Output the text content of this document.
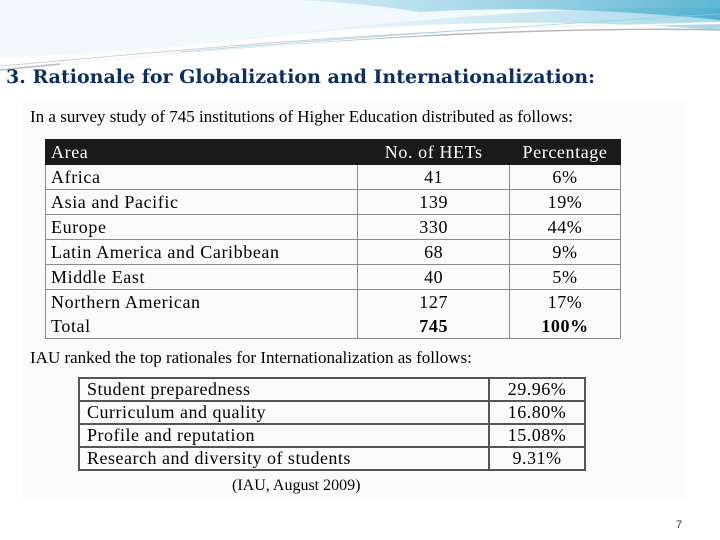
3. Rationale for Globalization and Internationalization:
In a survey study of 745 institutions of Higher Education distributed as follows:
Area	No. of HETs	Percentage
Africa	41	6%
Asia and Pacific	139	19%
Europe	330	44%
Latin America and Caribbean	68	9%
Middle East	40	5%
Northern American	127	17%
Total	745	100%
IAU ranked the top rationales for Internationalization as follows:
Student preparedness	29.96%
Curriculum and quality	16.80%
Profile and reputation	15.08%
Research and diversity of students	9.31%
(IAU, August 2009)
7
